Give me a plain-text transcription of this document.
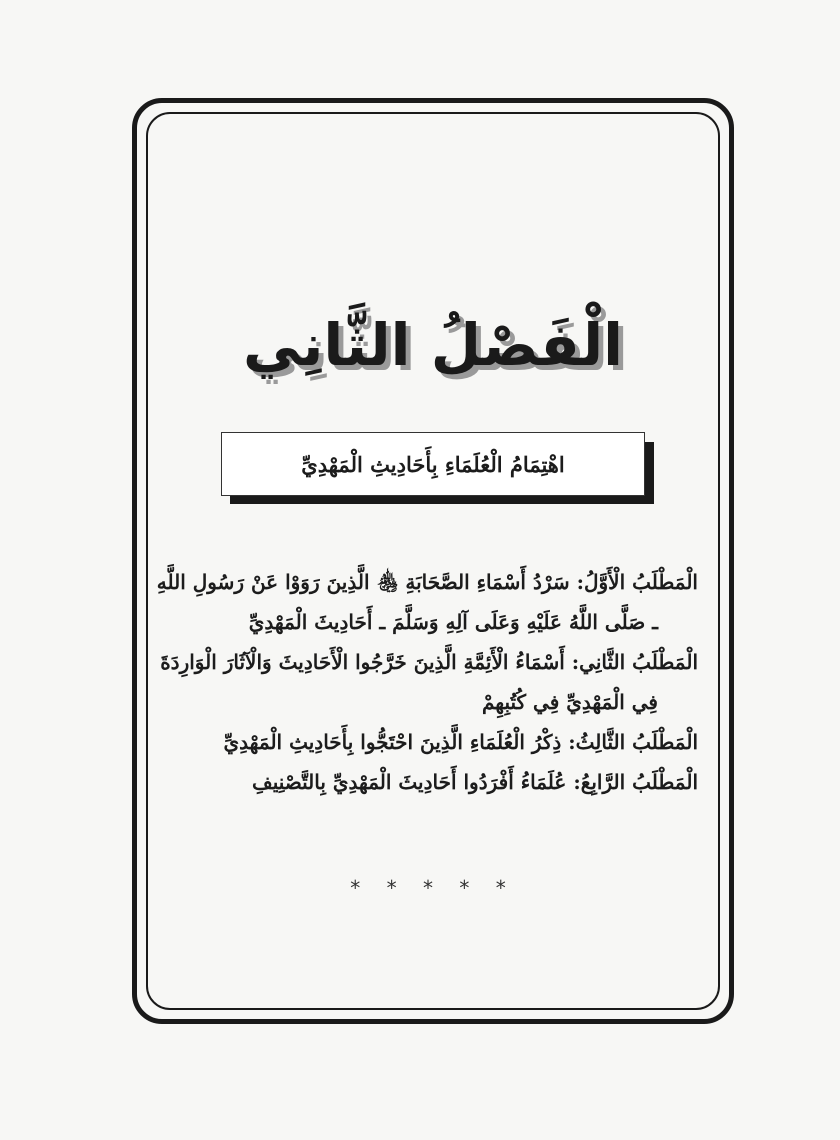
الْفَصْلُ الثَّانِي
اهْتِمَامُ الْعُلَمَاءِ بِأَحَادِيثِ الْمَهْدِيِّ

الْمَطْلَبُ الْأَوَّلُ: سَرْدُ أَسْمَاءِ الصَّحَابَةِ ﵃ الَّذِينَ رَوَوْا عَنْ رَسُولِ اللَّهِ ـ صَلَّى اللَّهُ عَلَيْهِ وَعَلَى آلِهِ وَسَلَّمَ ـ أَحَادِيثَ الْمَهْدِيِّ

الْمَطْلَبُ الثَّانِي: أَسْمَاءُ الْأَئِمَّةِ الَّذِينَ خَرَّجُوا الْأَحَادِيثَ وَالْآثَارَ الْوَارِدَةَ فِي الْمَهْدِيِّ فِي كُتُبِهِمْ

الْمَطْلَبُ الثَّالِثُ: ذِكْرُ الْعُلَمَاءِ الَّذِينَ احْتَجُّوا بِأَحَادِيثِ الْمَهْدِيِّ

الْمَطْلَبُ الرَّابِعُ: عُلَمَاءُ أَفْرَدُوا أَحَادِيثَ الْمَهْدِيِّ بِالتَّصْنِيفِ

* * * * *
